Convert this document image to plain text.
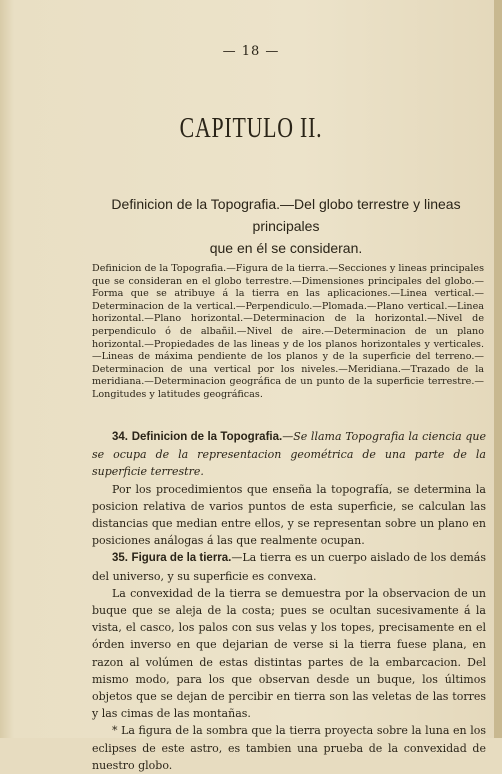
— 18 —
CAPITULO II.
Definicion de la Topografia.—Del globo terrestre y lineas principales
que en él se consideran.
Definicion de la Topografia.—Figura de la tierra.—Secciones y lineas principales que se consideran en el globo terrestre.—Dimensiones principales del globo.—Forma que se atribuye á la tierra en las aplicaciones.—Linea vertical.—Determinacion de la vertical.—Perpendiculo.—Plomada.—Plano vertical.—Linea horizontal.—Plano horizontal.—Determinacion de la horizontal.—Nivel de perpendiculo ó de albañil.—Nivel de aire.—Determinacion de un plano horizontal.—Propiedades de las lineas y de los planos horizontales y verticales.—Lineas de máxima pendiente de los planos y de la superficie del terreno.—Determinacion de una vertical por los niveles.—Meridiana.—Trazado de la meridiana.—Determinacion geográfica de un punto de la superficie terrestre.—Longitudes y latitudes geográficas.

34. Definicion de la Topografia.—Se llama Topografia la ciencia que se ocupa de la representacion geométrica de una parte de la superficie terrestre.

Por los procedimientos que enseña la topografía, se determina la posicion relativa de varios puntos de esta superficie, se calculan las distancias que median entre ellos, y se representan sobre un plano en posiciones análogas á las que realmente ocupan.

35. Figura de la tierra.—La tierra es un cuerpo aislado de los demás del universo, y su superficie es convexa.

La convexidad de la tierra se demuestra por la observacion de un buque que se aleja de la costa; pues se ocultan sucesivamente á la vista, el casco, los palos con sus velas y los topes, precisamente en el órden inverso en que dejarian de verse si la tierra fuese plana, en razon al volúmen de estas distintas partes de la embarcacion. Del mismo modo, para los que observan desde un buque, los últimos objetos que se dejan de percibir en tierra son las veletas de las torres y las cimas de las montañas.

* La figura de la sombra que la tierra proyecta sobre la luna en los eclipses de este astro, es tambien una prueba de la convexidad de nuestro globo.
